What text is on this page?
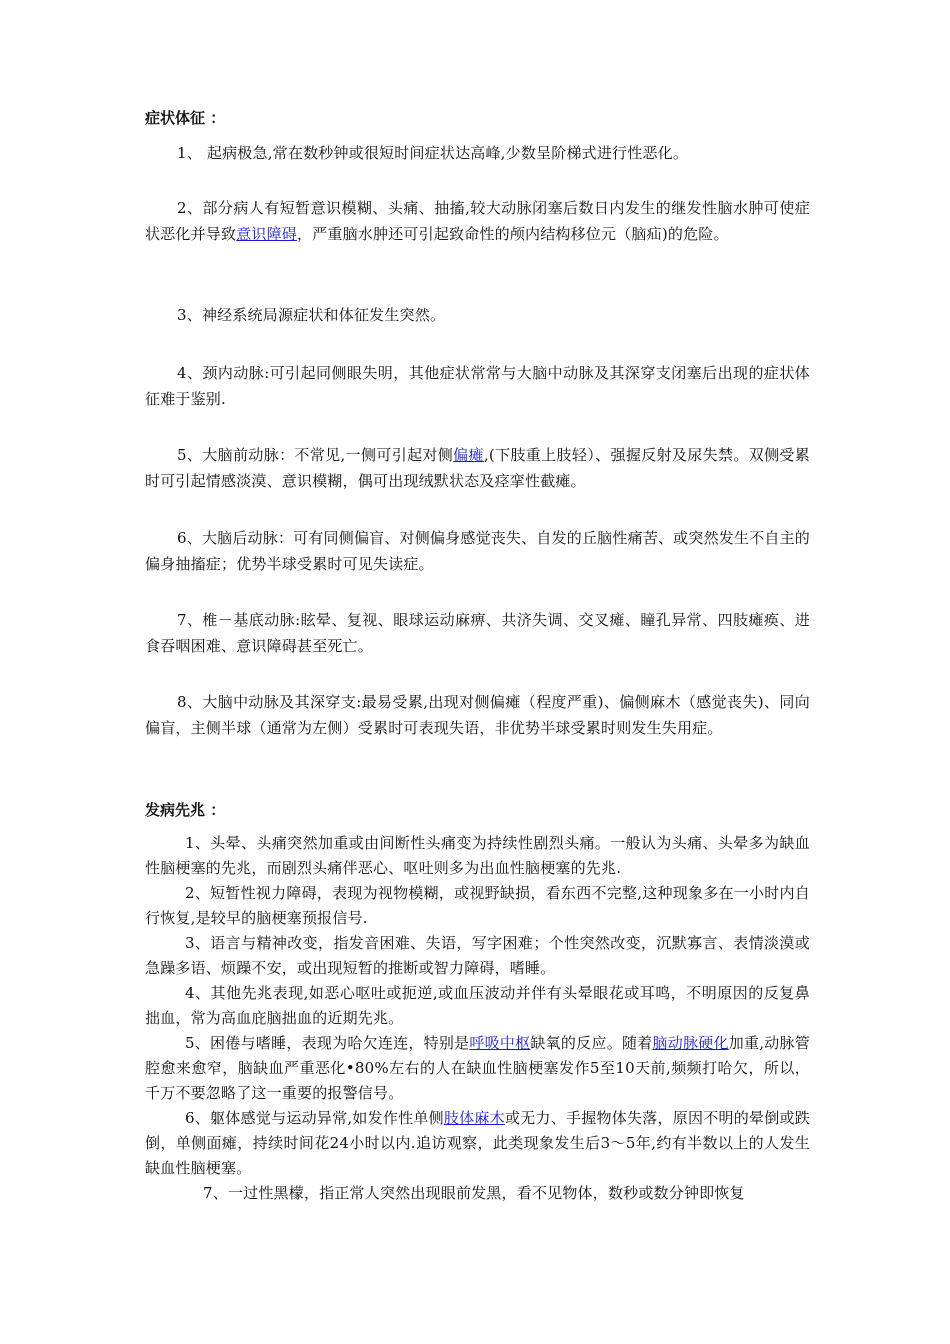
症状体征 ：
1、 起病极急,常在数秒钟或很短时间症状达高峰,少数呈阶梯式进行性恶化。
2、部分病人有短暂意识模糊、头痛、抽搐,较大动脉闭塞后数日内发生的继发性脑水肿可使症状恶化并导致意识障碍，严重脑水肿还可引起致命性的颅内结构移位元（脑疝)的危险。
3、神经系统局源症状和体征发生突然。
4、颈内动脉:可引起同侧眼失明，其他症状常常与大脑中动脉及其深穿支闭塞后出现的症状体征难于鉴别.
5、大脑前动脉：不常见,一侧可引起对侧偏瘫,(下肢重上肢轻）、强握反射及尿失禁。双侧受累时可引起情感淡漠、意识模糊，偶可出现绒默状态及痉挛性截瘫。
6、大脑后动脉：可有同侧偏盲、对侧偏身感觉丧失、自发的丘脑性痛苦、或突然发生不自主的偏身抽搐症；优势半球受累时可见失读症。
7、椎－基底动脉:眩晕、复视、眼球运动麻痹、共济失调、交叉瘫、瞳孔异常、四肢瘫痪、进食吞咽困难、意识障碍甚至死亡。
8、大脑中动脉及其深穿支:最易受累,出现对侧偏瘫（程度严重)、偏侧麻木（感觉丧失)、同向偏盲，主侧半球（通常为左侧）受累时可表现失语，非优势半球受累时则发生失用症。
发病先兆 ：
1、头晕、头痛突然加重或由间断性头痛变为持续性剧烈头痛。一般认为头痛、头晕多为缺血性脑梗塞的先兆，而剧烈头痛伴恶心、呕吐则多为出血性脑梗塞的先兆.
2、短暂性视力障碍，表现为视物模糊，或视野缺损，看东西不完整,这种现象多在一小时内自行恢复,是较早的脑梗塞预报信号.
3、语言与精神改变，指发音困难、失语，写字困难；个性突然改变，沉默寡言、表情淡漠或急躁多语、烦躁不安，或出现短暂的推断或智力障碍，嗜睡。
4、其他先兆表现,如恶心呕吐或扼逆,或血压波动并伴有头晕眼花或耳鸣，不明原因的反复鼻拙血，常为高血庇脑拙血的近期先兆。
5、困倦与嗜睡，表现为哈欠连连，特别是呼吸中枢缺氧的反应。随着脑动脉硬化加重,动脉管腔愈来愈窄，脑缺血严重恶化•80%左右的人在缺血性脑梗塞发作5至10天前,频频打哈欠，所以，千万不要忽略了这一重要的报警信号。
6、躯体感觉与运动异常,如发作性单侧肢体麻木或无力、手握物体失落，原因不明的晕倒或跌倒，单侧面瘫，持续时间花24小时以内.追访观察，此类现象发生后3～5年,约有半数以上的人发生缺血性脑梗塞。
7、一过性黑檬，指正常人突然出现眼前发黑，看不见物体，数秒或数分钟即恢复
